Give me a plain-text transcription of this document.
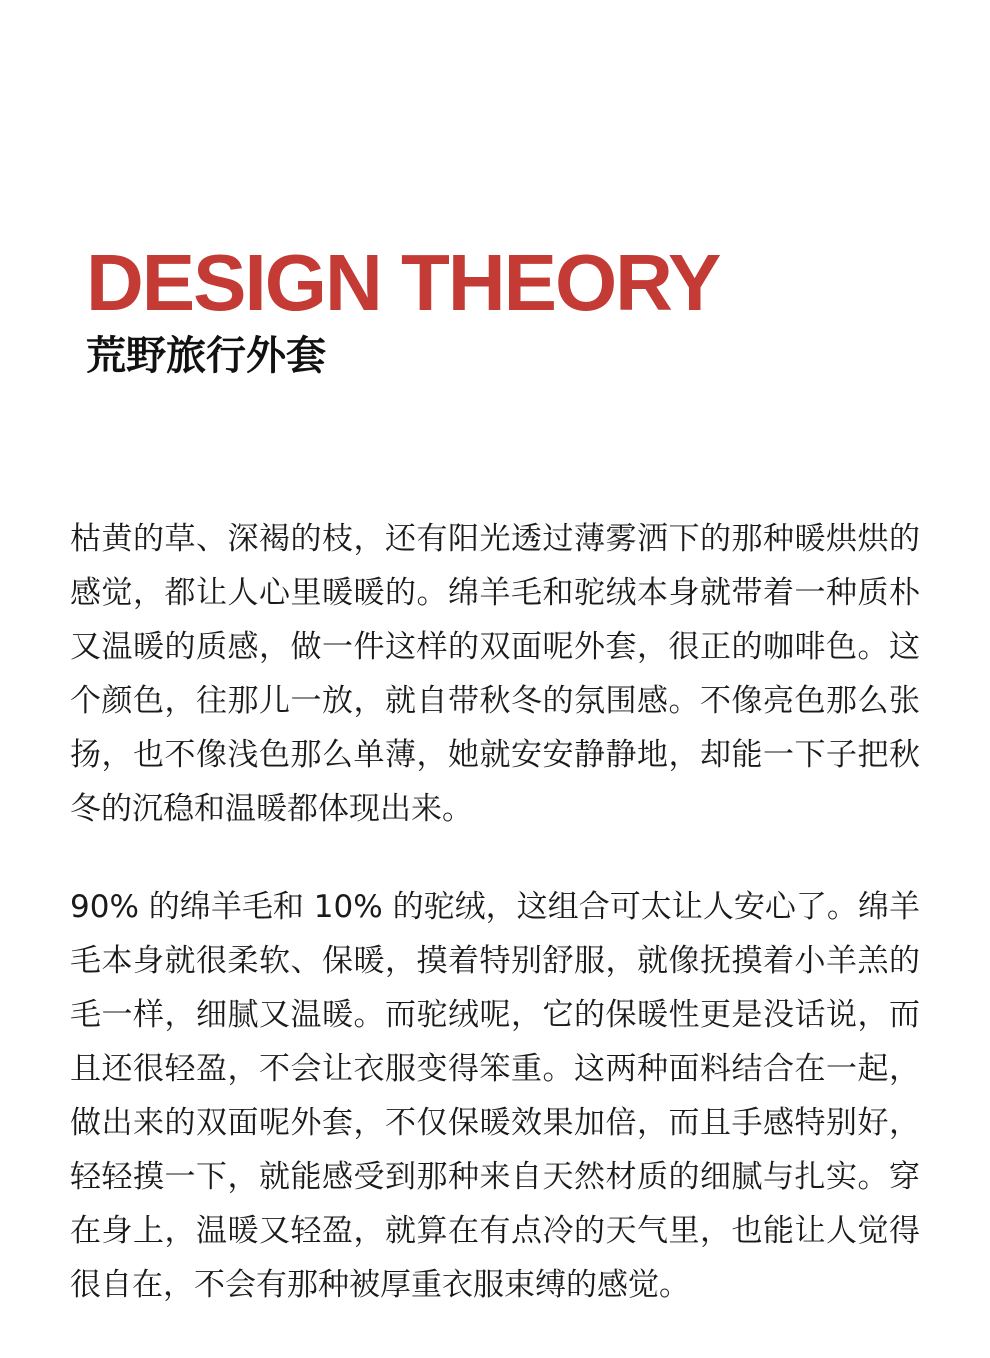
DESIGN THEORY
荒野旅行外套

枯黄的草、深褐的枝，还有阳光透过薄雾洒下的那种暖烘烘的感觉，都让人心里暖暖的。绵羊毛和驼绒本身就带着一种质朴又温暖的质感，做一件这样的双面呢外套，很正的咖啡色。这个颜色，往那儿一放，就自带秋冬的氛围感。不像亮色那么张扬，也不像浅色那么单薄，她就安安静静地，却能一下子把秋冬的沉稳和温暖都体现出来。

90% 的绵羊毛和 10% 的驼绒，这组合可太让人安心了。绵羊毛本身就很柔软、保暖，摸着特别舒服，就像抚摸着小羊羔的毛一样，细腻又温暖。而驼绒呢，它的保暖性更是没话说，而且还很轻盈，不会让衣服变得笨重。这两种面料结合在一起，做出来的双面呢外套，不仅保暖效果加倍，而且手感特别好，轻轻摸一下，就能感受到那种来自天然材质的细腻与扎实。穿在身上，温暖又轻盈，就算在有点冷的天气里，也能让人觉得很自在，不会有那种被厚重衣服束缚的感觉。
